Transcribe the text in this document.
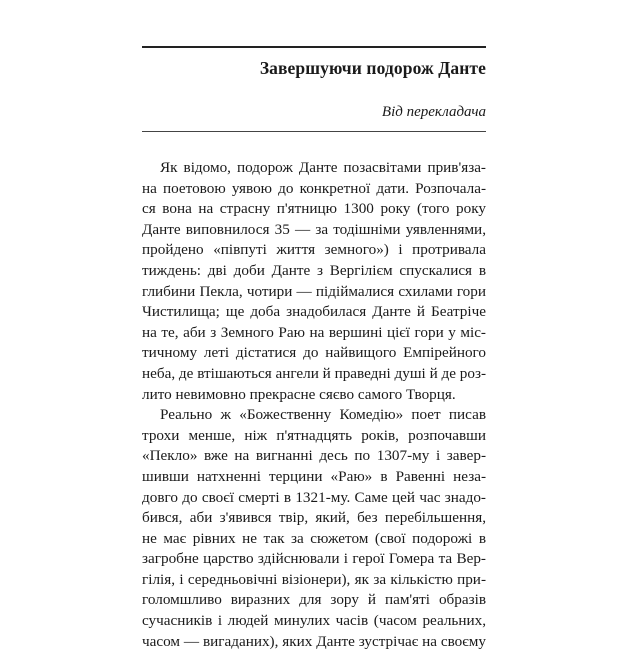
Завершуючи подорож Данте
Від перекладача
Як відомо, подорож Данте позасвітами прив'яза-
на поетовою уявою до конкретної дати. Розпочала-
ся вона на страсну п'ятницю 1300 року (того року
Данте виповнилося 35 — за тодішніми уявленнями,
пройдено «півпуті життя земного») і протривала
тиждень: дві доби Данте з Вергілієм спускалися в
глибини Пекла, чотири — підіймалися схилами гори
Чистилища; ще доба знадобилася Данте й Беатріче
на те, аби з Земного Раю на вершині цієї гори у міс-
тичному леті дістатися до найвищого Емпірейного
неба, де втішаються ангели й праведні душі й де роз-
лито невимовно прекрасне сяєво самого Творця.
Реально ж «Божественну Комедію» поет писав
трохи менше, ніж п'ятнадцять років, розпочавши
«Пекло» вже на вигнанні десь по 1307-му і завер-
шивши натхненні терцини «Раю» в Равенні неза-
довго до своєї смерті в 1321-му. Саме цей час знадо-
бився, аби з'явився твір, який, без перебільшення,
не має рівних не так за сюжетом (свої подорожі в
загробне царство здійснювали і герої Гомера та Вер-
гілія, і середньовічні візіонери), як за кількістю при-
голомшливо виразних для зору й пам'яті образів
сучасників і людей минулих часів (часом реальних,
часом — вигаданих), яких Данте зустрічає на своєму
